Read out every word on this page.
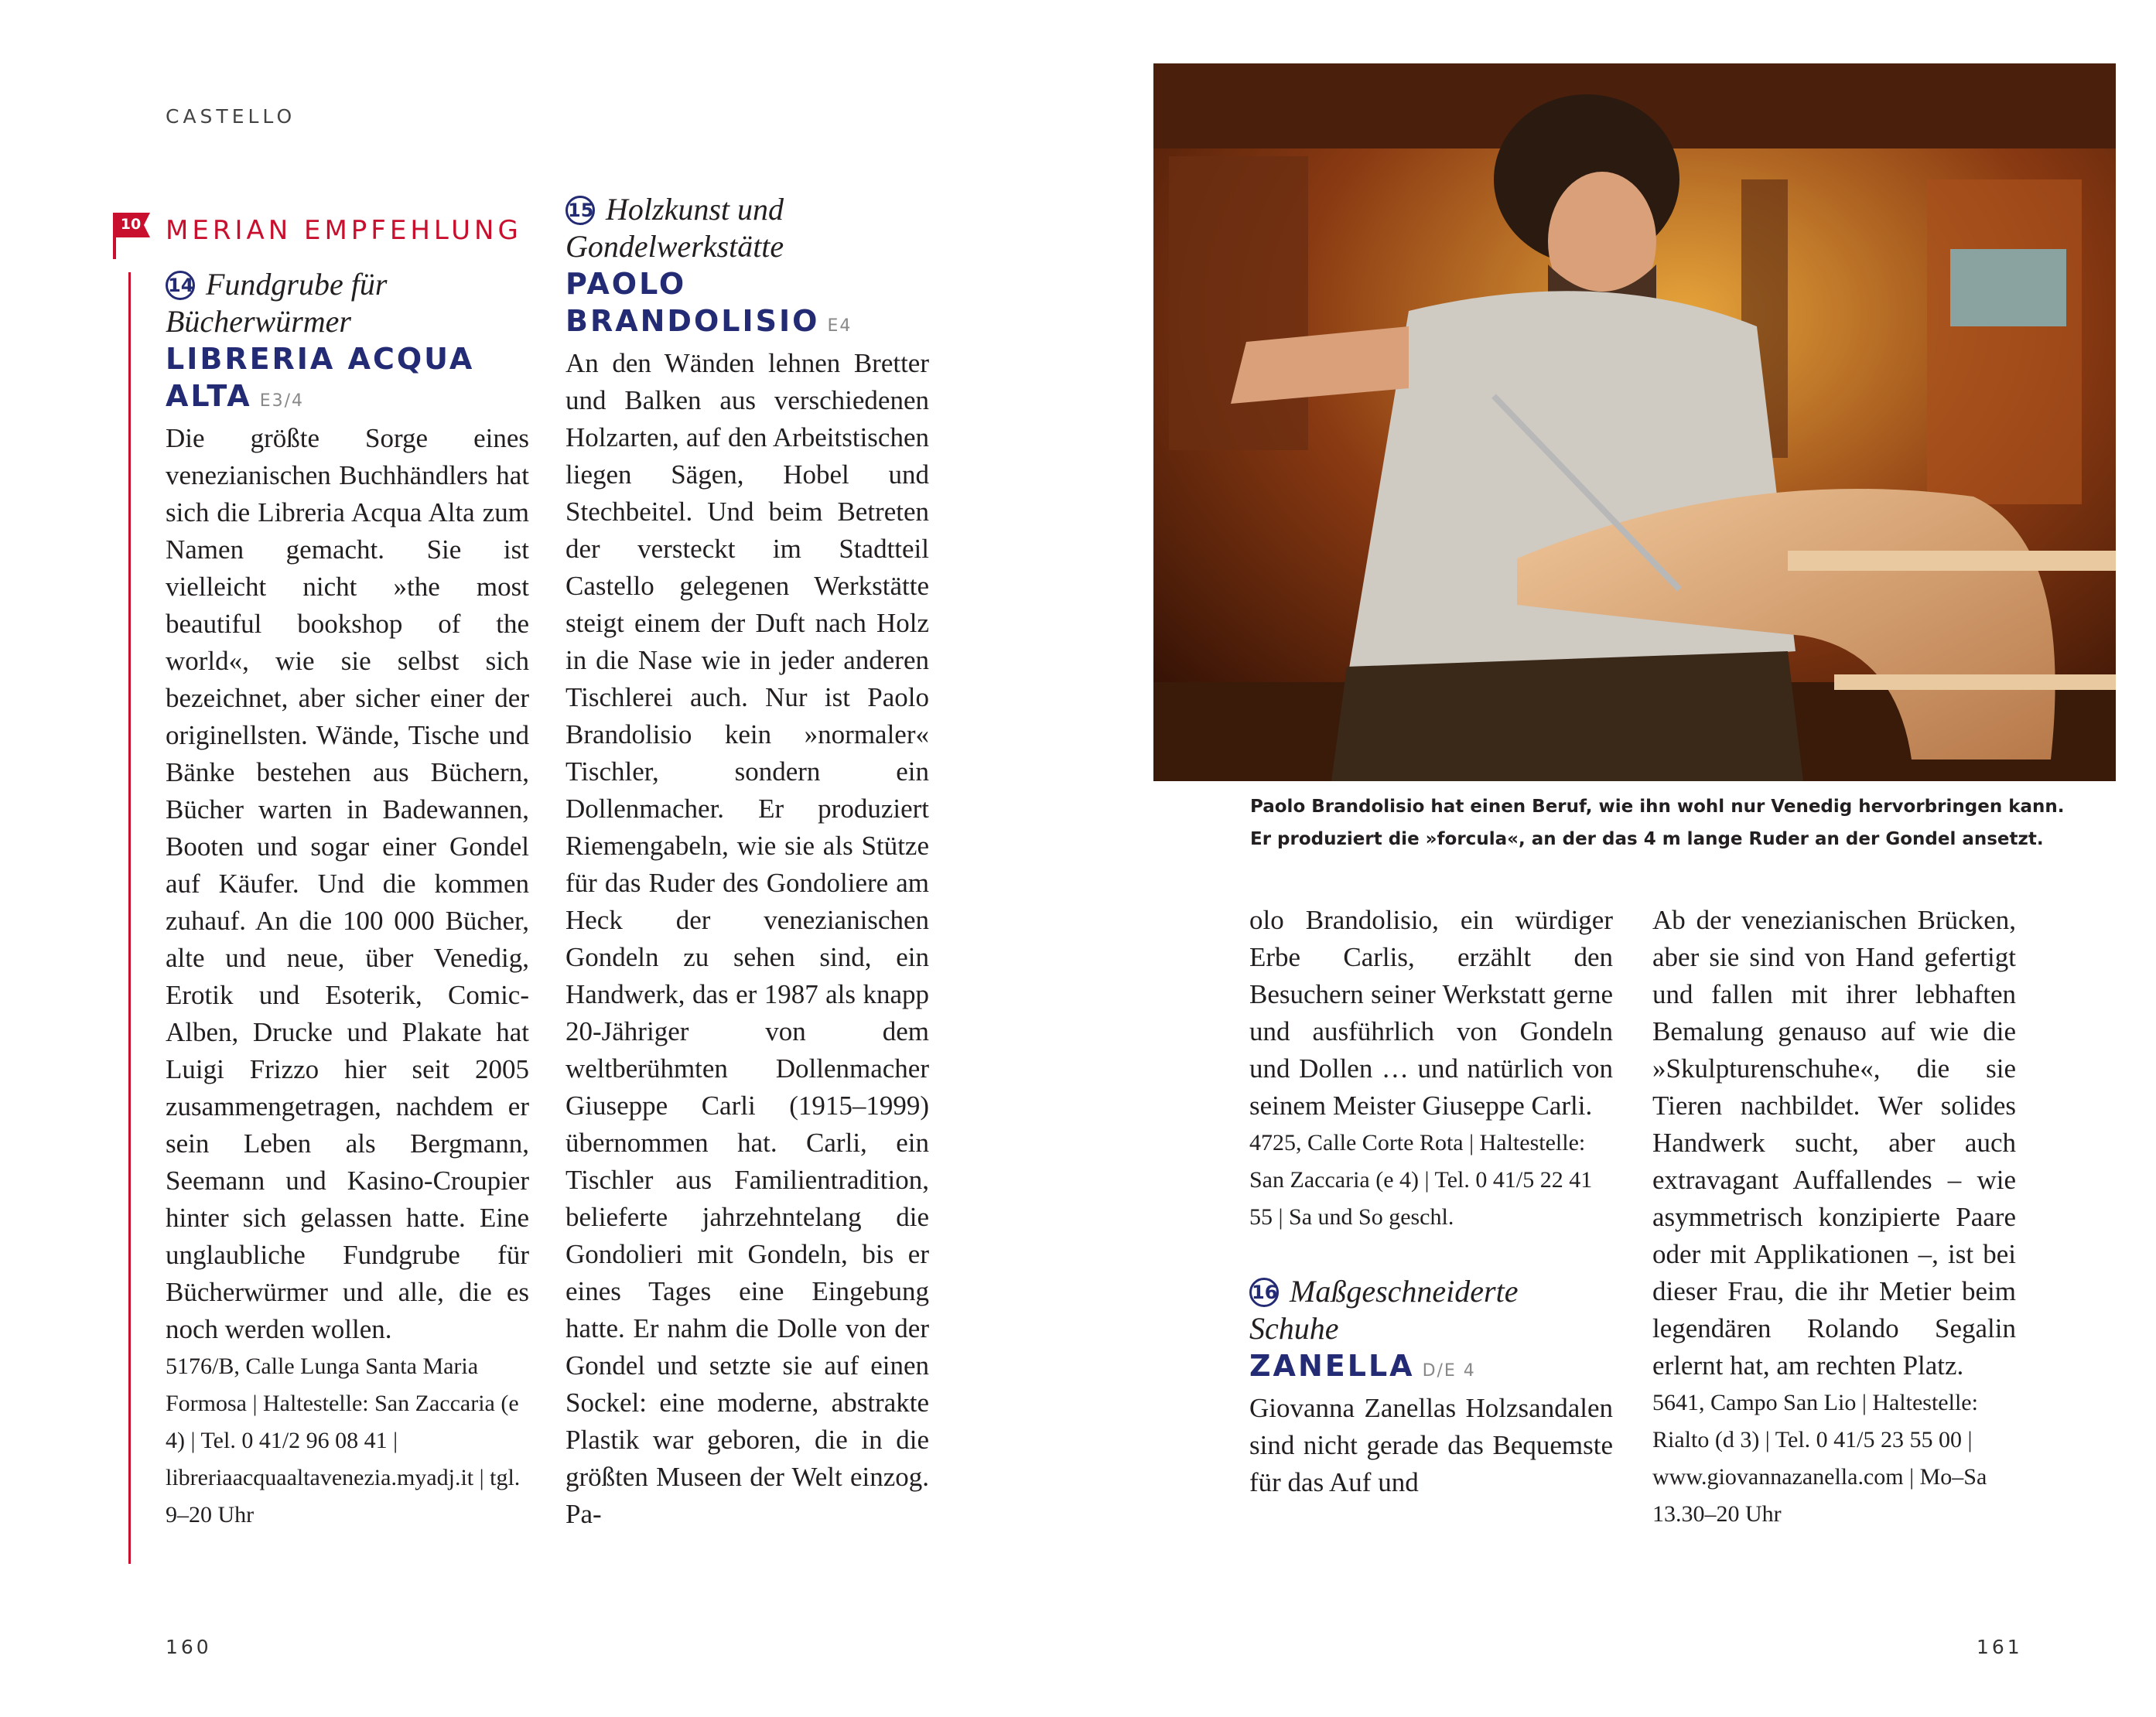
CASTELLO
10 MERIAN EMPFEHLUNG
14 Fundgrube für
Bücherwürmer
LIBRERIA ACQUA
ALTA E3/4

Die größte Sorge eines venezianischen Buchhändlers hat sich die Libreria Acqua Alta zum Namen gemacht. Sie ist vielleicht nicht »the most beautiful bookshop of the world«, wie sie selbst sich bezeichnet, aber sicher einer der originellsten. Wände, Tische und Bänke bestehen aus Büchern, Bücher warten in Badewannen, Booten und sogar einer Gondel auf Käufer. Und die kommen zuhauf. An die 100 000 Bücher, alte und neue, über Venedig, Erotik und Esoterik, Comic-Alben, Drucke und Plakate hat Luigi Frizzo hier seit 2005 zusammengetragen, nachdem er sein Leben als Bergmann, Seemann und Kasino-Croupier hinter sich gelassen hatte. Eine unglaubliche Fundgrube für Bücherwürmer und alle, die es noch werden wollen.

5176/B, Calle Lunga Santa Maria Formosa | Haltestelle: San Zaccaria (e 4) | Tel. 0 41/2 96 08 41 | libreriaacquaaltavenezia.myadj.it | tgl. 9–20 Uhr
15 Holzkunst und
Gondelwerkstätte
PAOLO
BRANDOLISIO E4

An den Wänden lehnen Bretter und Balken aus verschiedenen Holzarten, auf den Arbeitstischen liegen Sägen, Hobel und Stechbeitel. Und beim Betreten der versteckt im Stadtteil Castello gelegenen Werkstätte steigt einem der Duft nach Holz in die Nase wie in jeder anderen Tischlerei auch. Nur ist Paolo Brandolisio kein »normaler« Tischler, sondern ein Dollenmacher. Er produziert Riemengabeln, wie sie als Stütze für das Ruder des Gondoliere am Heck der venezianischen Gondeln zu sehen sind, ein Handwerk, das er 1987 als knapp 20-Jähriger von dem weltberühmten Dollenmacher Giuseppe Carli (1915–1999) übernommen hat. Carli, ein Tischler aus Familientradition, belieferte jahrzehntelang die Gondolieri mit Gondeln, bis er eines Tages eine Eingebung hatte. Er nahm die Dolle von der Gondel und setzte sie auf einen Sockel: eine moderne, abstrakte Plastik war geboren, die in die größten Museen der Welt einzog. Pa-

Paolo Brandolisio hat einen Beruf, wie ihn wohl nur Venedig hervorbringen kann.

Er produziert die »forcula«, an der das 4 m lange Ruder an der Gondel ansetzt.

olo Brandolisio, ein würdiger Erbe Carlis, erzählt den Besuchern seiner Werkstatt gerne und ausführlich von Gondeln und Dollen … und natürlich von seinem Meister Giuseppe Carli.

4725, Calle Corte Rota | Haltestelle: San Zaccaria (e 4) | Tel. 0 41/5 22 41 55 | Sa und So geschl.
16 Maßgeschneiderte
Schuhe
ZANELLA D/E 4

Giovanna Zanellas Holzsandalen sind nicht gerade das Bequemste für das Auf und

Ab der venezianischen Brücken, aber sie sind von Hand gefertigt und fallen mit ihrer lebhaften Bemalung genauso auf wie die »Skulpturenschuhe«, die sie Tieren nachbildet. Wer solides Handwerk sucht, aber auch extravagant Auffallendes – wie asymmetrisch konzipierte Paare oder mit Applikationen –, ist bei dieser Frau, die ihr Metier beim legendären Rolando Segalin erlernt hat, am rechten Platz.

5641, Campo San Lio | Haltestelle: Rialto (d 3) | Tel. 0 41/5 23 55 00 | www.giovannazanella.com | Mo–Sa 13.30–20 Uhr
160	161
